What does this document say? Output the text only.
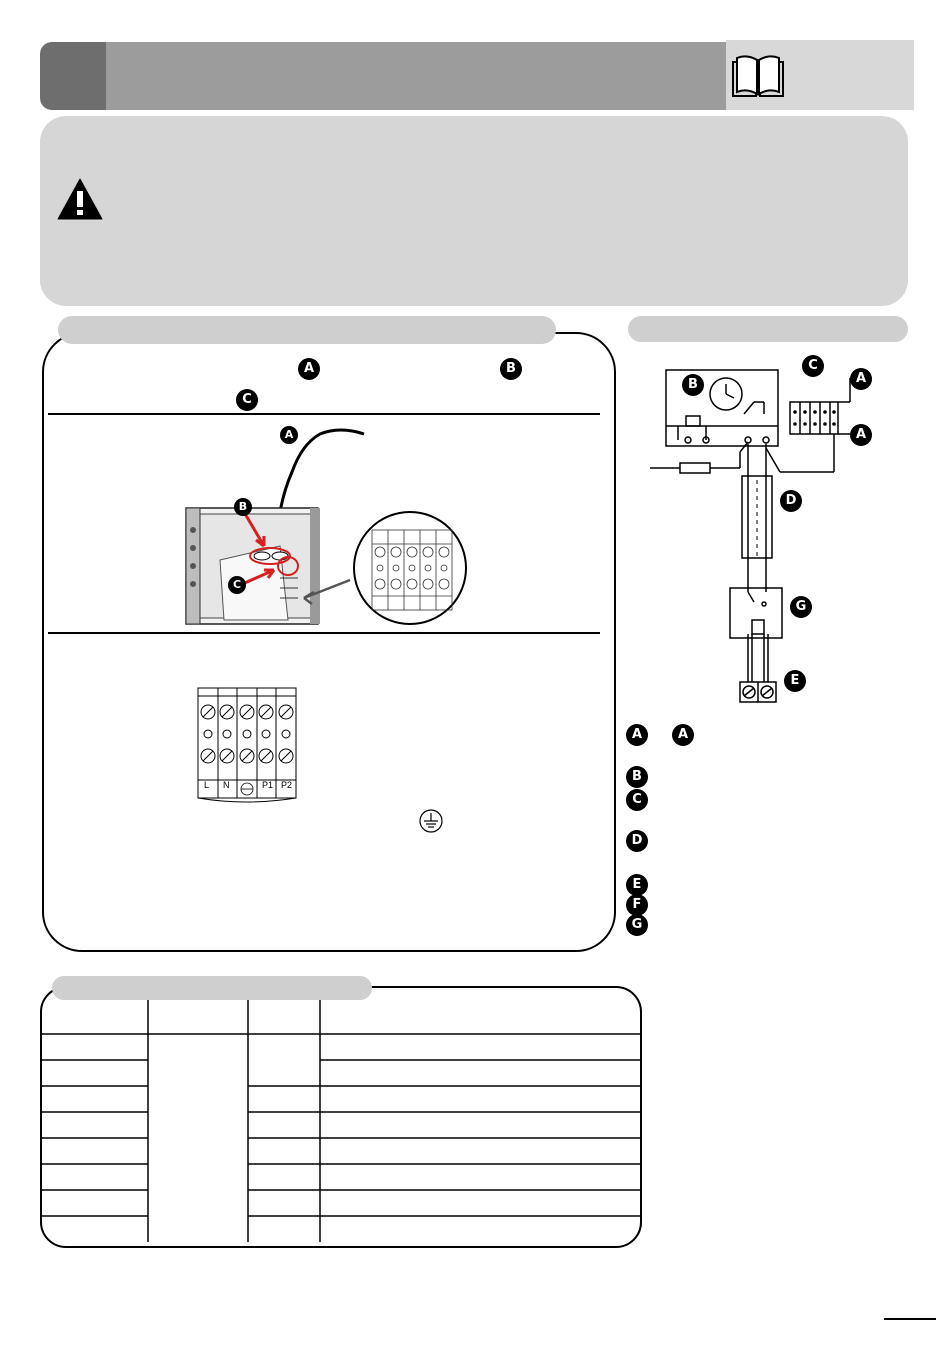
A	B
C
A
B
C
L N	P1 P2
B
C
A
A
D
G
E
A	A
B
C
D
E
F
G
